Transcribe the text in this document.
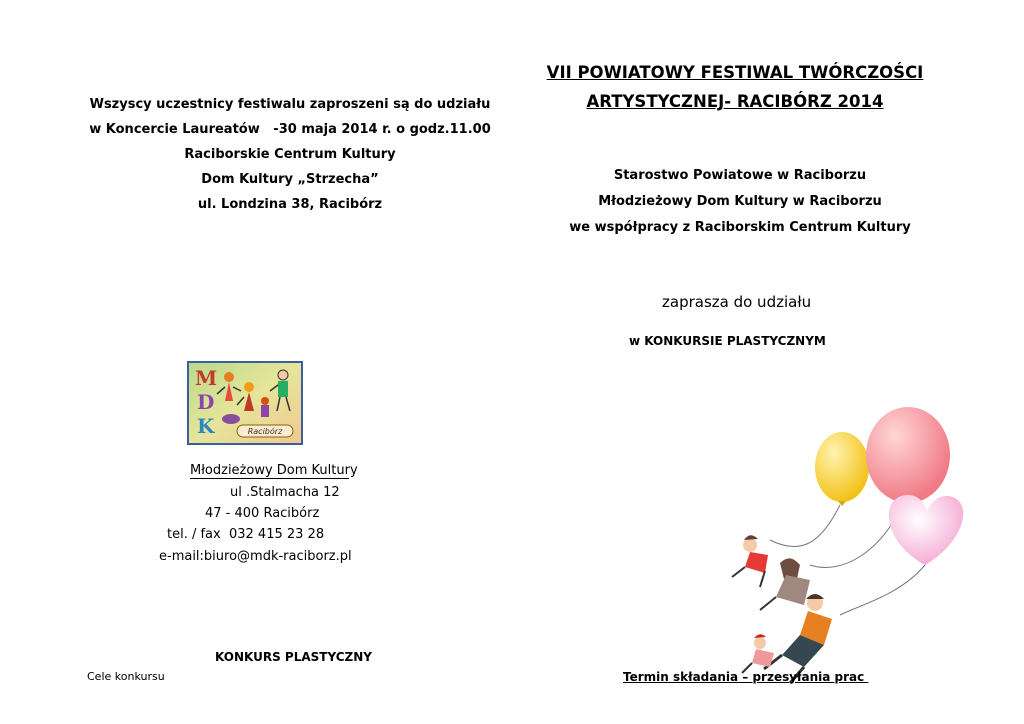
Wszyscy uczestnicy festiwalu zaproszeni są do udziału
w Koncercie Laureatów   -30 maja 2014 r. o godz.11.00
Raciborskie Centrum Kultury
Dom Kultury „Strzecha”
ul. Londzina 38, Racibórz
M
D
K	Racibórz
Młodzieżowy Dom Kultury
ul .Stalmacha 12
47 - 400 Racibórz
tel. / fax  032 415 23 28
e-mail:biuro@mdk-raciborz.pl
KONKURS PLASTYCZNY
Cele konkursu
VII POWIATOWY FESTIWAL TWÓRCZOŚCI
ARTYSTYCZNEJ- RACIBÓRZ 2014
Starostwo Powiatowe w Raciborzu
Młodzieżowy Dom Kultury w Raciborzu
we współpracy z Raciborskim Centrum Kultury
zaprasza do udziału
w KONKURSIE PLASTYCZNYM
Termin składania – przesyłania prac
